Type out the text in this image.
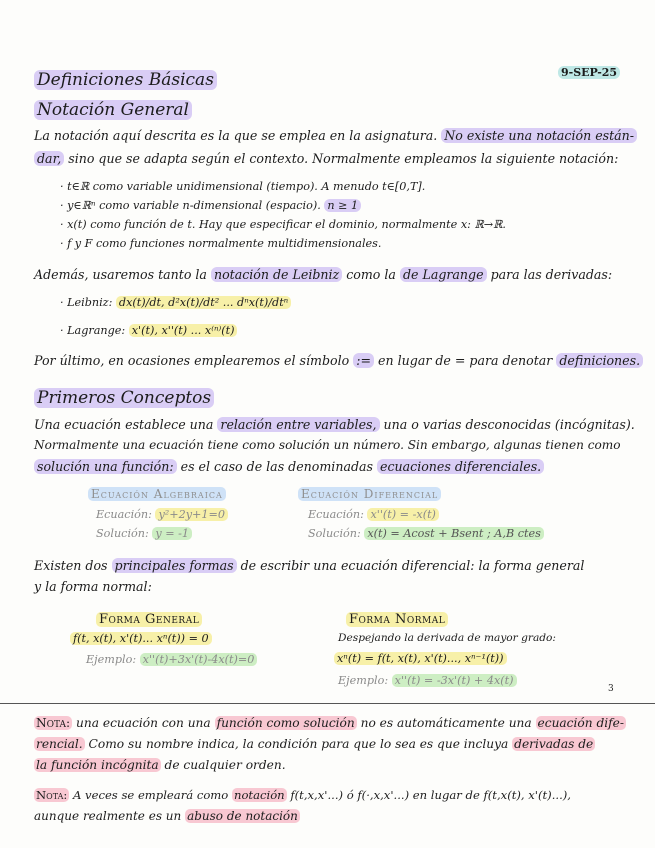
Definiciones Básicas	9-SEP-25
Notación General
La notación aquí descrita es la que se emplea en la asignatura. No existe una notación están-
dar, sino que se adapta según el contexto. Normalmente empleamos la siguiente notación:
· t∈ℝ como variable unidimensional (tiempo). A menudo t∈[0,T].
· y∈ℝⁿ como variable n-dimensional (espacio). n ≥ 1
· x(t) como función de t. Hay que especificar el dominio, normalmente x: ℝ→ℝ.
· f y F como funciones normalmente multidimensionales.
Además, usaremos tanto la notación de Leibniz como la de Lagrange para las derivadas:
· Leibniz: dx(t)/dt, d²x(t)/dt² ... dⁿx(t)/dtⁿ
· Lagrange: x'(t), x''(t) ... x⁽ⁿ⁾(t)
Por último, en ocasiones emplearemos el símbolo := en lugar de = para denotar definiciones.
Primeros Conceptos
Una ecuación establece una relación entre variables, una o varias desconocidas (incógnitas).
Normalmente una ecuación tiene como solución un número. Sin embargo, algunas tienen como
solución una función: es el caso de las denominadas ecuaciones diferenciales.
Ecuación Algebraica
Ecuación: y²+2y+1=0
Solución: y = -1
Ecuación Diferencial
Ecuación: x''(t) = -x(t)
Solución: x(t) = Acost + Bsent ; A,B ctes
Existen dos principales formas de escribir una ecuación diferencial: la forma general
y la forma normal:
Forma General
f(t, x(t), x'(t)... xⁿ(t)) = 0
Ejemplo: x''(t)+3x'(t)-4x(t)=0
Forma Normal
Despejando la derivada de mayor grado:
xⁿ(t) = f(t, x(t), x'(t)..., xⁿ⁻¹(t))
Ejemplo: x''(t) = -3x'(t) + 4x(t)
3
Nota: una ecuación con una función como solución no es automáticamente una ecuación dife-
rencial. Como su nombre indica, la condición para que lo sea es que incluya derivadas de
la función incógnita de cualquier orden.
Nota: A veces se empleará como notación f(t,x,x'...) ó f(·,x,x'...) en lugar de f(t,x(t), x'(t)...),
aunque realmente es un abuso de notación
